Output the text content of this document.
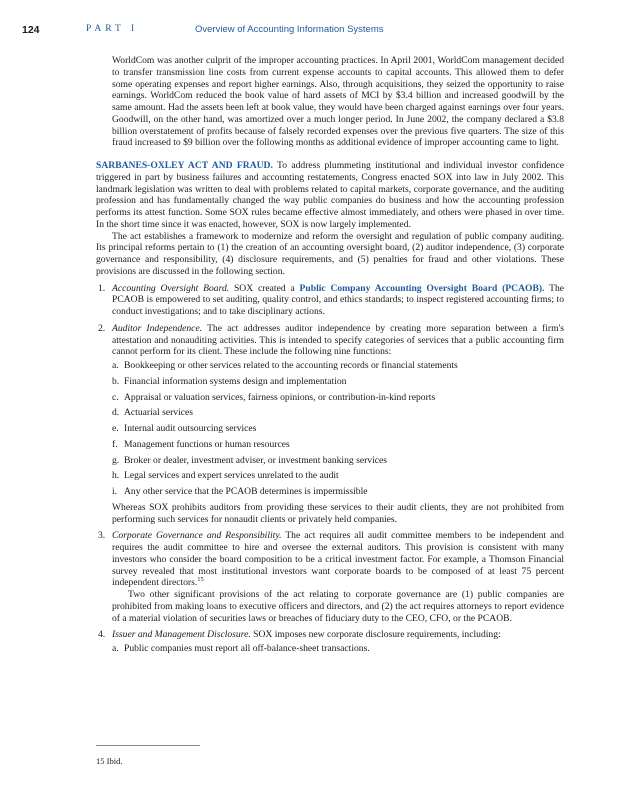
124	PART I	Overview of Accounting Information Systems

WorldCom was another culprit of the improper accounting practices. In April 2001, WorldCom management decided to transfer transmission line costs from current expense accounts to capital accounts. This allowed them to defer some operating expenses and report higher earnings. Also, through acquisitions, they seized the opportunity to raise earnings. WorldCom reduced the book value of hard assets of MCI by $3.4 billion and increased goodwill by the same amount. Had the assets been left at book value, they would have been charged against earnings over four years. Goodwill, on the other hand, was amortized over a much longer period. In June 2002, the company declared a $3.8 billion overstatement of profits because of falsely recorded expenses over the previous five quarters. The size of this fraud increased to $9 billion over the following months as additional evidence of improper accounting came to light.

SARBANES-OXLEY ACT AND FRAUD. To address plummeting institutional and individual investor confidence triggered in part by business failures and accounting restatements, Congress enacted SOX into law in July 2002. This landmark legislation was written to deal with problems related to capital markets, corporate governance, and the auditing profession and has fundamentally changed the way public companies do business and how the accounting profession performs its attest function. Some SOX rules became effective almost immediately, and others were phased in over time. In the short time since it was enacted, however, SOX is now largely implemented.

The act establishes a framework to modernize and reform the oversight and regulation of public company auditing. Its principal reforms pertain to (1) the creation of an accounting oversight board, (2) auditor independence, (3) corporate governance and responsibility, (4) disclosure requirements, and (5) penalties for fraud and other violations. These provisions are discussed in the following section.

1. Accounting Oversight Board. SOX created a Public Company Accounting Oversight Board (PCAOB). The PCAOB is empowered to set auditing, quality control, and ethics standards; to inspect registered accounting firms; to conduct investigations; and to take disciplinary actions.

2. Auditor Independence. The act addresses auditor independence by creating more separation between a firm's attestation and nonauditing activities. This is intended to specify categories of services that a public accounting firm cannot perform for its client. These include the following nine functions:

a. Bookkeeping or other services related to the accounting records or financial statements
b. Financial information systems design and implementation
c. Appraisal or valuation services, fairness opinions, or contribution-in-kind reports
d. Actuarial services
e. Internal audit outsourcing services
f. Management functions or human resources
g. Broker or dealer, investment adviser, or investment banking services
h. Legal services and expert services unrelated to the audit
i. Any other service that the PCAOB determines is impermissible

Whereas SOX prohibits auditors from providing these services to their audit clients, they are not prohibited from performing such services for nonaudit clients or privately held companies.

3. Corporate Governance and Responsibility. The act requires all audit committee members to be independent and requires the audit committee to hire and oversee the external auditors. This provision is consistent with many investors who consider the board composition to be a critical investment factor. For example, a Thomson Financial survey revealed that most institutional investors want corporate boards to be composed of at least 75 percent independent directors.$^{15}$

Two other significant provisions of the act relating to corporate governance are (1) public companies are prohibited from making loans to executive officers and directors, and (2) the act requires attorneys to report evidence of a material violation of securities laws or breaches of fiduciary duty to the CEO, CFO, or the PCAOB.

4. Issuer and Management Disclosure. SOX imposes new corporate disclosure requirements, including:

a. Public companies must report all off-balance-sheet transactions.
15 Ibid.
